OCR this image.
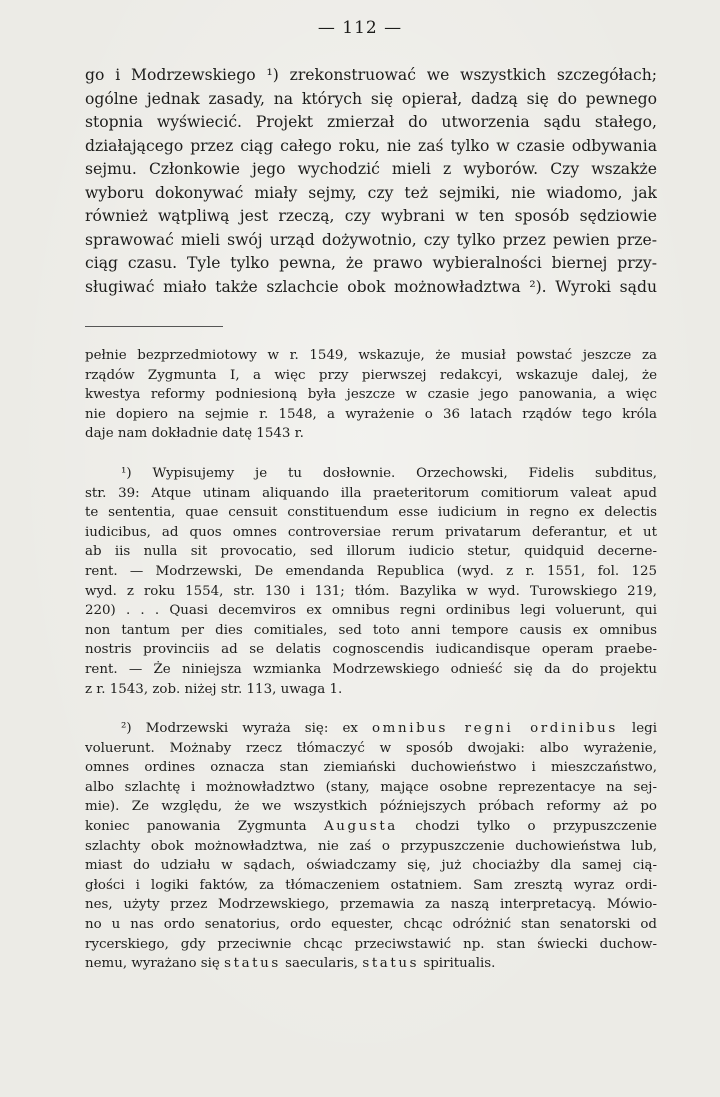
— 112 —
go i Modrzewskiego ¹) zrekonstruować we wszystkich szczegółach;
ogólne jednak zasady, na których się opierał, dadzą się do pewnego
stopnia wyświecić. Projekt zmierzał do utworzenia sądu stałego,
działającego przez ciąg całego roku, nie zaś tylko w czasie odbywania
sejmu. Członkowie jego wychodzić mieli z wyborów. Czy wszakże
wyboru dokonywać miały sejmy, czy też sejmiki, nie wiadomo, jak
również wątpliwą jest rzeczą, czy wybrani w ten sposób sędziowie
sprawować mieli swój urząd dożywotnio, czy tylko przez pewien prze-
ciąg czasu. Tyle tylko pewna, że prawo wybieralności biernej przy-
sługiwać miało także szlachcie obok możnowładztwa ²). Wyroki sądu
pełnie bezprzedmiotowy w r. 1549, wskazuje, że musiał powstać jeszcze za
rządów Zygmunta I, a więc przy pierwszej redakcyi, wskazuje dalej, że
kwestya reformy podniesioną była jeszcze w czasie jego panowania, a więc
nie dopiero na sejmie r. 1548, a wyrażenie o 36 latach rządów tego króla
daje nam dokładnie datę 1543 r.
¹) Wypisujemy je tu dosłownie. Orzechowski, Fidelis subditus,
str. 39: Atque utinam aliquando illa praeteritorum comitiorum valeat apud
te sententia, quae censuit constituendum esse iudicium in regno ex delectis
iudicibus, ad quos omnes controversiae rerum privatarum deferantur, et ut
ab iis nulla sit provocatio, sed illorum iudicio stetur, quidquid decerne-
rent. — Modrzewski, De emendanda Republica (wyd. z r. 1551, fol. 125
wyd. z roku 1554, str. 130 i 131; tłóm. Bazylika w wyd. Turowskiego 219,
220) . . . Quasi decemviros ex omnibus regni ordinibus legi voluerunt, qui
non tantum per dies comitiales, sed toto anni tempore causis ex omnibus
nostris provinciis ad se delatis cognoscendis iudicandisque operam praebe-
rent. — Że niniejsza wzmianka Modrzewskiego odnieść się da do projektu
z r. 1543, zob. niżej str. 113, uwaga 1.
²) Modrzewski wyraża się: ex omnibus regni ordinibus legi
voluerunt. Możnaby rzecz tłómaczyć w sposób dwojaki: albo wyrażenie,
omnes ordines oznacza stan ziemiański duchowieństwo i mieszczaństwo,
albo szlachtę i możnowładztwo (stany, mające osobne reprezentacye na sej-
mie). Ze względu, że we wszystkich późniejszych próbach reformy aż po
koniec panowania Zygmunta Augusta chodzi tylko o przypuszczenie
szlachty obok możnowładztwa, nie zaś o przypuszczenie duchowieństwa lub,
miast do udziału w sądach, oświadczamy się, już chociażby dla samej cią-
głości i logiki faktów, za tłómaczeniem ostatniem. Sam zresztą wyraz ordi-
nes, użyty przez Modrzewskiego, przemawia za naszą interpretacyą. Mówio-
no u nas ordo senatorius, ordo equester, chcąc odróżnić stan senatorski od
rycerskiego, gdy przeciwnie chcąc przeciwstawić np. stan świecki duchow-
nemu, wyrażano się status saecularis, status spiritualis.
